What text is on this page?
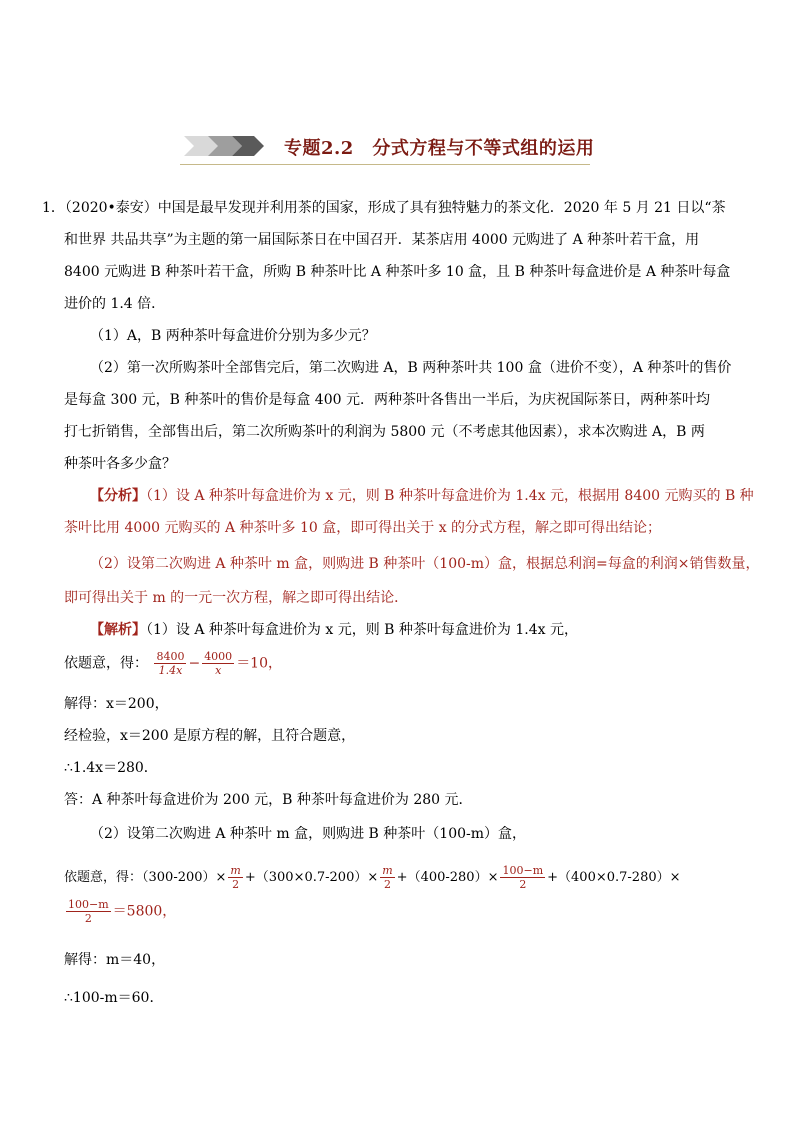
专题2.2　分式方程与不等式组的运用
1．（2020•泰安）中国是最早发现并利用茶的国家，形成了具有独特魅力的茶文化．2020 年 5 月 21 日以“茶
和世界 共品共享”为主题的第一届国际茶日在中国召开．某茶店用 4000 元购进了 A 种茶叶若干盒，用
8400 元购进 B 种茶叶若干盒，所购 B 种茶叶比 A 种茶叶多 10 盒，且 B 种茶叶每盒进价是 A 种茶叶每盒
进价的 1.4 倍．
（1）A，B 两种茶叶每盒进价分别为多少元？
（2）第一次所购茶叶全部售完后，第二次购进 A，B 两种茶叶共 100 盒（进价不变），A 种茶叶的售价
是每盒 300 元，B 种茶叶的售价是每盒 400 元．两种茶叶各售出一半后，为庆祝国际茶日，两种茶叶均
打七折销售，全部售出后，第二次所购茶叶的利润为 5800 元（不考虑其他因素），求本次购进 A，B 两
种茶叶各多少盒？
【分析】（1）设 A 种茶叶每盒进价为 x 元，则 B 种茶叶每盒进价为 1.4x 元，根据用 8400 元购买的 B 种
茶叶比用 4000 元购买的 A 种茶叶多 10 盒，即可得出关于 x 的分式方程，解之即可得出结论；
（2）设第二次购进 A 种茶叶 m 盒，则购进 B 种茶叶（100-m）盒，根据总利润=每盒的利润×销售数量，
即可得出关于 m 的一元一次方程，解之即可得出结论．
【解析】（1）设 A 种茶叶每盒进价为 x 元，则 B 种茶叶每盒进价为 1.4x 元，
依题意，得： $\frac{8400}{1.4x} - \frac{4000}{x} =10$，
解得：x＝200，
经检验，x＝200 是原方程的解，且符合题意，
∴1.4x＝280．
答：A 种茶叶每盒进价为 200 元，B 种茶叶每盒进价为 280 元．
（2）设第二次购进 A 种茶叶 m 盒，则购进 B 种茶叶（100-m）盒，
依题意，得：$(300-200)\times \frac{m}{2} +(300\times 0.7-200)\times \frac{m}{2} +(400-280)\times \frac{100-m}{2} +(400\times 0.7-280)\times$
$\frac{100-m}{2} =5800$，
解得：m＝40，
∴100-m＝60．
